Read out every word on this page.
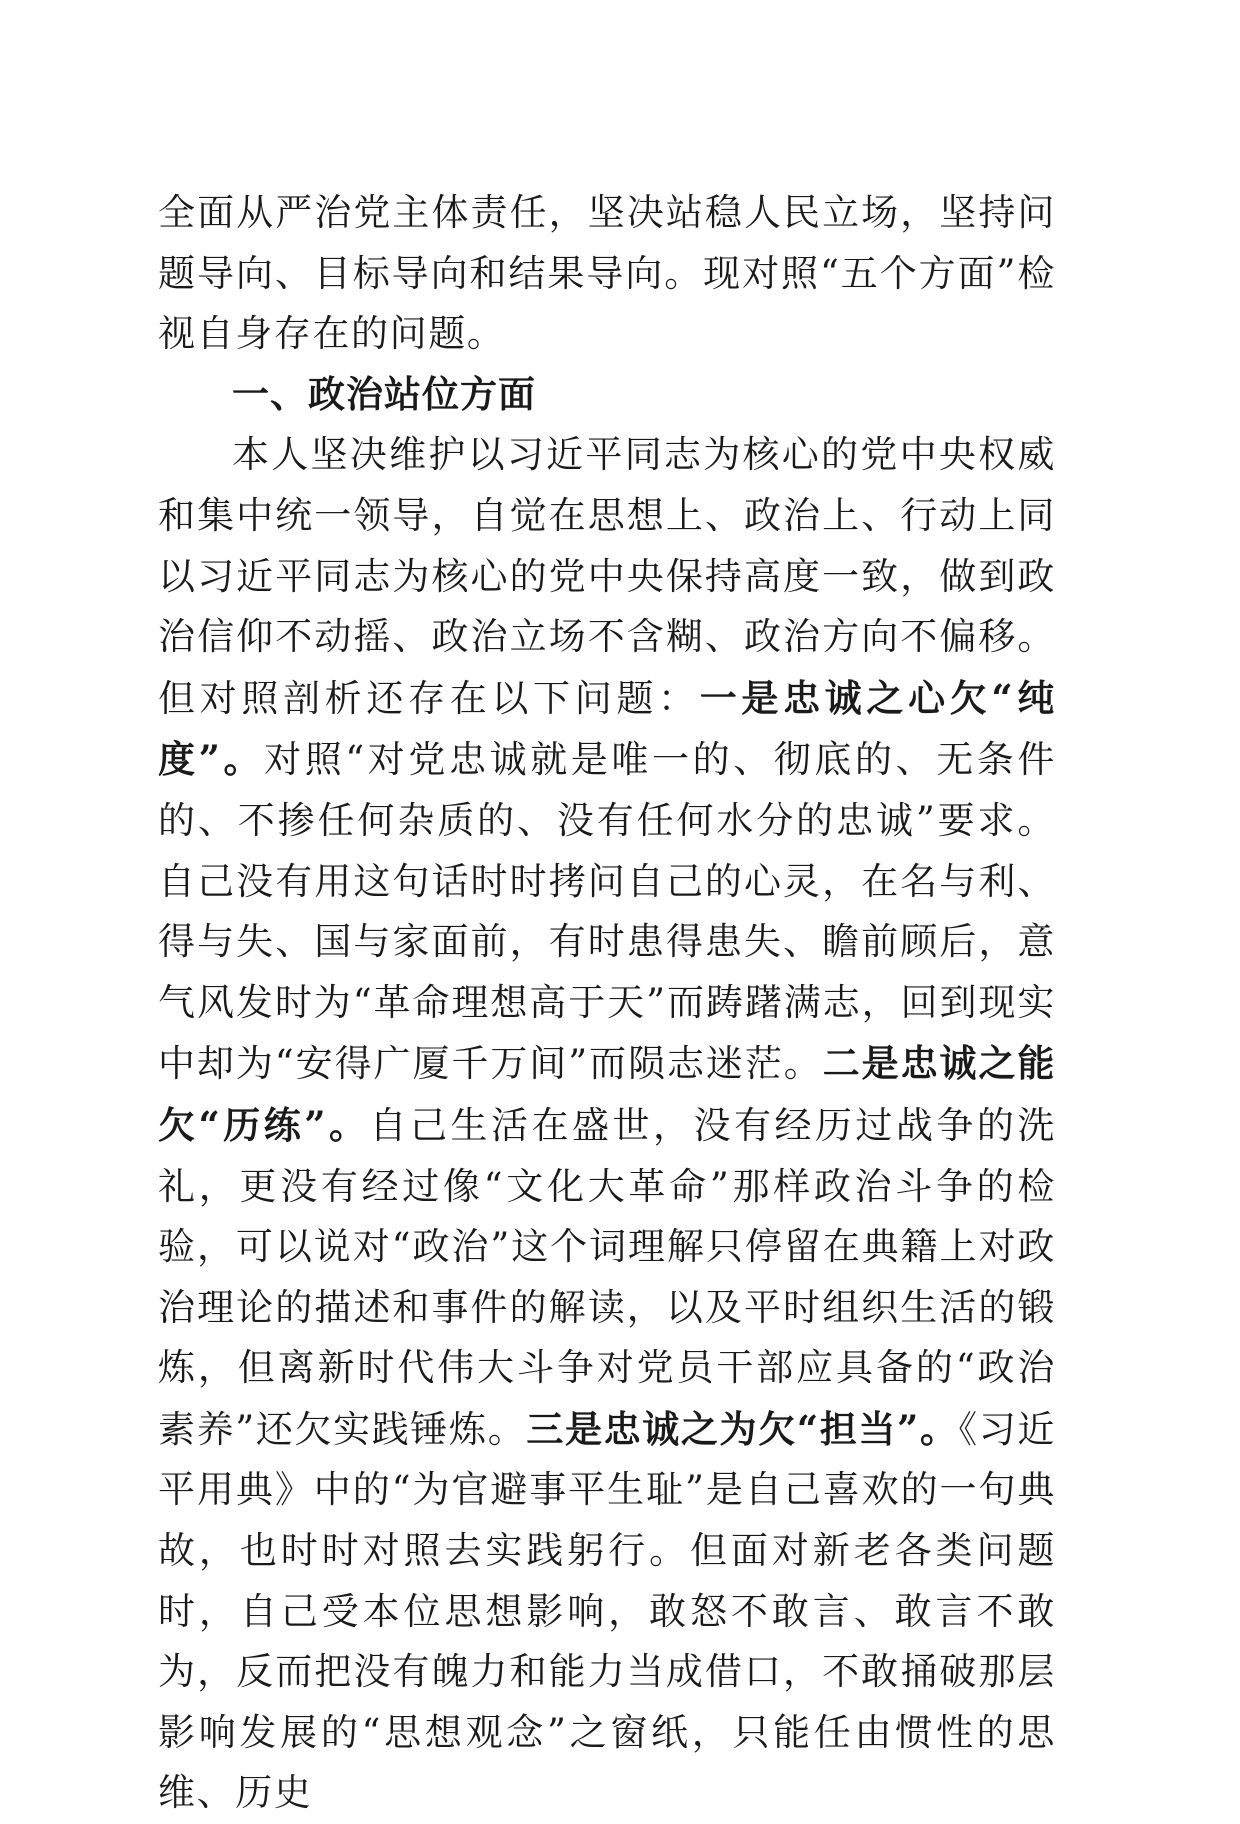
全面从严治党主体责任，坚决站稳人民立场，坚持问题导向、目标导向和结果导向。现对照“五个方面”检视自身存在的问题。

一、政治站位方面

本人坚决维护以习近平同志为核心的党中央权威和集中统一领导，自觉在思想上、政治上、行动上同以习近平同志为核心的党中央保持高度一致，做到政治信仰不动摇、政治立场不含糊、政治方向不偏移。但对照剖析还存在以下问题：一是忠诚之心欠“纯度”。对照“对党忠诚就是唯一的、彻底的、无条件的、不掺任何杂质的、没有任何水分的忠诚”要求。自己没有用这句话时时拷问自己的心灵，在名与利、得与失、国与家面前，有时患得患失、瞻前顾后，意气风发时为“革命理想高于天”而踌躇满志，回到现实中却为“安得广厦千万间”而陨志迷茫。二是忠诚之能欠“历练”。自己生活在盛世，没有经历过战争的洗礼，更没有经过像“文化大革命”那样政治斗争的检验，可以说对“政治”这个词理解只停留在典籍上对政治理论的描述和事件的解读，以及平时组织生活的锻炼，但离新时代伟大斗争对党员干部应具备的“政治素养”还欠实践锤炼。三是忠诚之为欠“担当”。《习近平用典》中的“为官避事平生耻”是自己喜欢的一句典故，也时时对照去实践躬行。但面对新老各类问题时，自己受本位思想影响，敢怒不敢言、敢言不敢为，反而把没有魄力和能力当成借口，不敢捅破那层影响发展的“思想观念”之窗纸，只能任由惯性的思维、历史
